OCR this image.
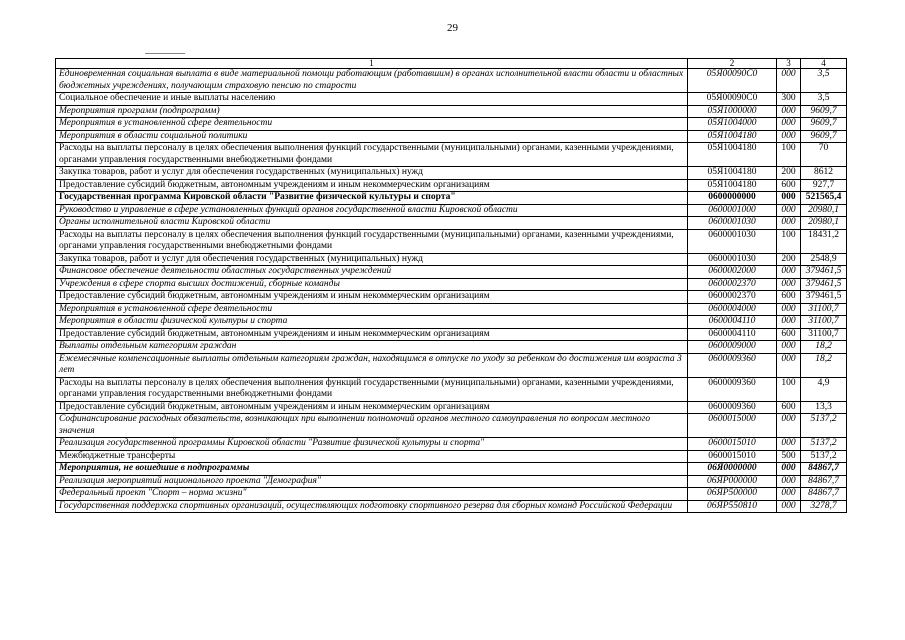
29
1	2	3	4
Единовременная социальная выплата в виде материальной помощи работающим (работавшим) в органах исполнительной власти области и областных бюджетных учреждениях, получающим страховую пенсию по старости	05Я00090С0	000	3,5
Социальное обеспечение и иные выплаты населению	05Я00090С0	300	3,5
Мероприятия программ (подпрограмм)	05Я1000000	000	9609,7
Мероприятия в установленной сфере деятельности	05Я1004000	000	9609,7
Мероприятия в области социальной политики	05Я1004180	000	9609,7
Расходы на выплаты персоналу в целях обеспечения выполнения функций государственными (муниципальными) органами, казенными учреждениями, органами управления государственными внебюджетными фондами	05Я1004180	100	70
Закупка товаров, работ и услуг для обеспечения государственных (муниципальных) нужд	05Я1004180	200	8612
Предоставление субсидий бюджетным, автономным учреждениям и иным некоммерческим организациям	05Я1004180	600	927,7
Государственная программа Кировской области "Развитие физической культуры и спорта"	0600000000	000	521565,4
Руководство и управление в сфере установленных функций органов государственной власти Кировской области	0600001000	000	20980,1
Органы исполнительной власти Кировской области	0600001030	000	20980,1
Расходы на выплаты персоналу в целях обеспечения выполнения функций государственными (муниципальными) органами, казенными учреждениями, органами управления государственными внебюджетными фондами	0600001030	100	18431,2
Закупка товаров, работ и услуг для обеспечения государственных (муниципальных) нужд	0600001030	200	2548,9
Финансовое обеспечение деятельности областных государственных учреждений	0600002000	000	379461,5
Учреждения в сфере спорта высших достижений, сборные команды	0600002370	000	379461,5
Предоставление субсидий бюджетным, автономным учреждениям и иным некоммерческим организациям	0600002370	600	379461,5
Мероприятия в установленной сфере деятельности	0600004000	000	31100,7
Мероприятия в области физической культуры и спорта	0600004110	000	31100,7
Предоставление субсидий бюджетным, автономным учреждениям и иным некоммерческим организациям	0600004110	600	31100,7
Выплаты отдельным категориям граждан	0600009000	000	18,2
Ежемесячные компенсационные выплаты отдельным категориям граждан, находящимся в отпуске по уходу за ребенком до достижения им возраста 3 лет	0600009360	000	18,2
Расходы на выплаты персоналу в целях обеспечения выполнения функций государственными (муниципальными) органами, казенными учреждениями, органами управления государственными внебюджетными фондами	0600009360	100	4,9
Предоставление субсидий бюджетным, автономным учреждениям и иным некоммерческим организациям	0600009360	600	13,3
Софинансирование расходных обязательств, возникающих при выполнении полномочий органов местного самоуправления по вопросам местного значения	0600015000	000	5137,2
Реализация государственной программы Кировской области "Развитие физической культуры и спорта"	0600015010	000	5137,2
Межбюджетные трансферты	0600015010	500	5137,2
Мероприятия, не вошедшие в подпрограммы	06Я0000000	000	84867,7
Реализация мероприятий национального проекта "Демография"	06ЯP000000	000	84867,7
Федеральный проект "Спорт – норма жизни"	06ЯP500000	000	84867,7
Государственная поддержка спортивных организаций, осуществляющих подготовку спортивного резерва для сборных команд Российской Федерации	06ЯP550810	000	3278,7
